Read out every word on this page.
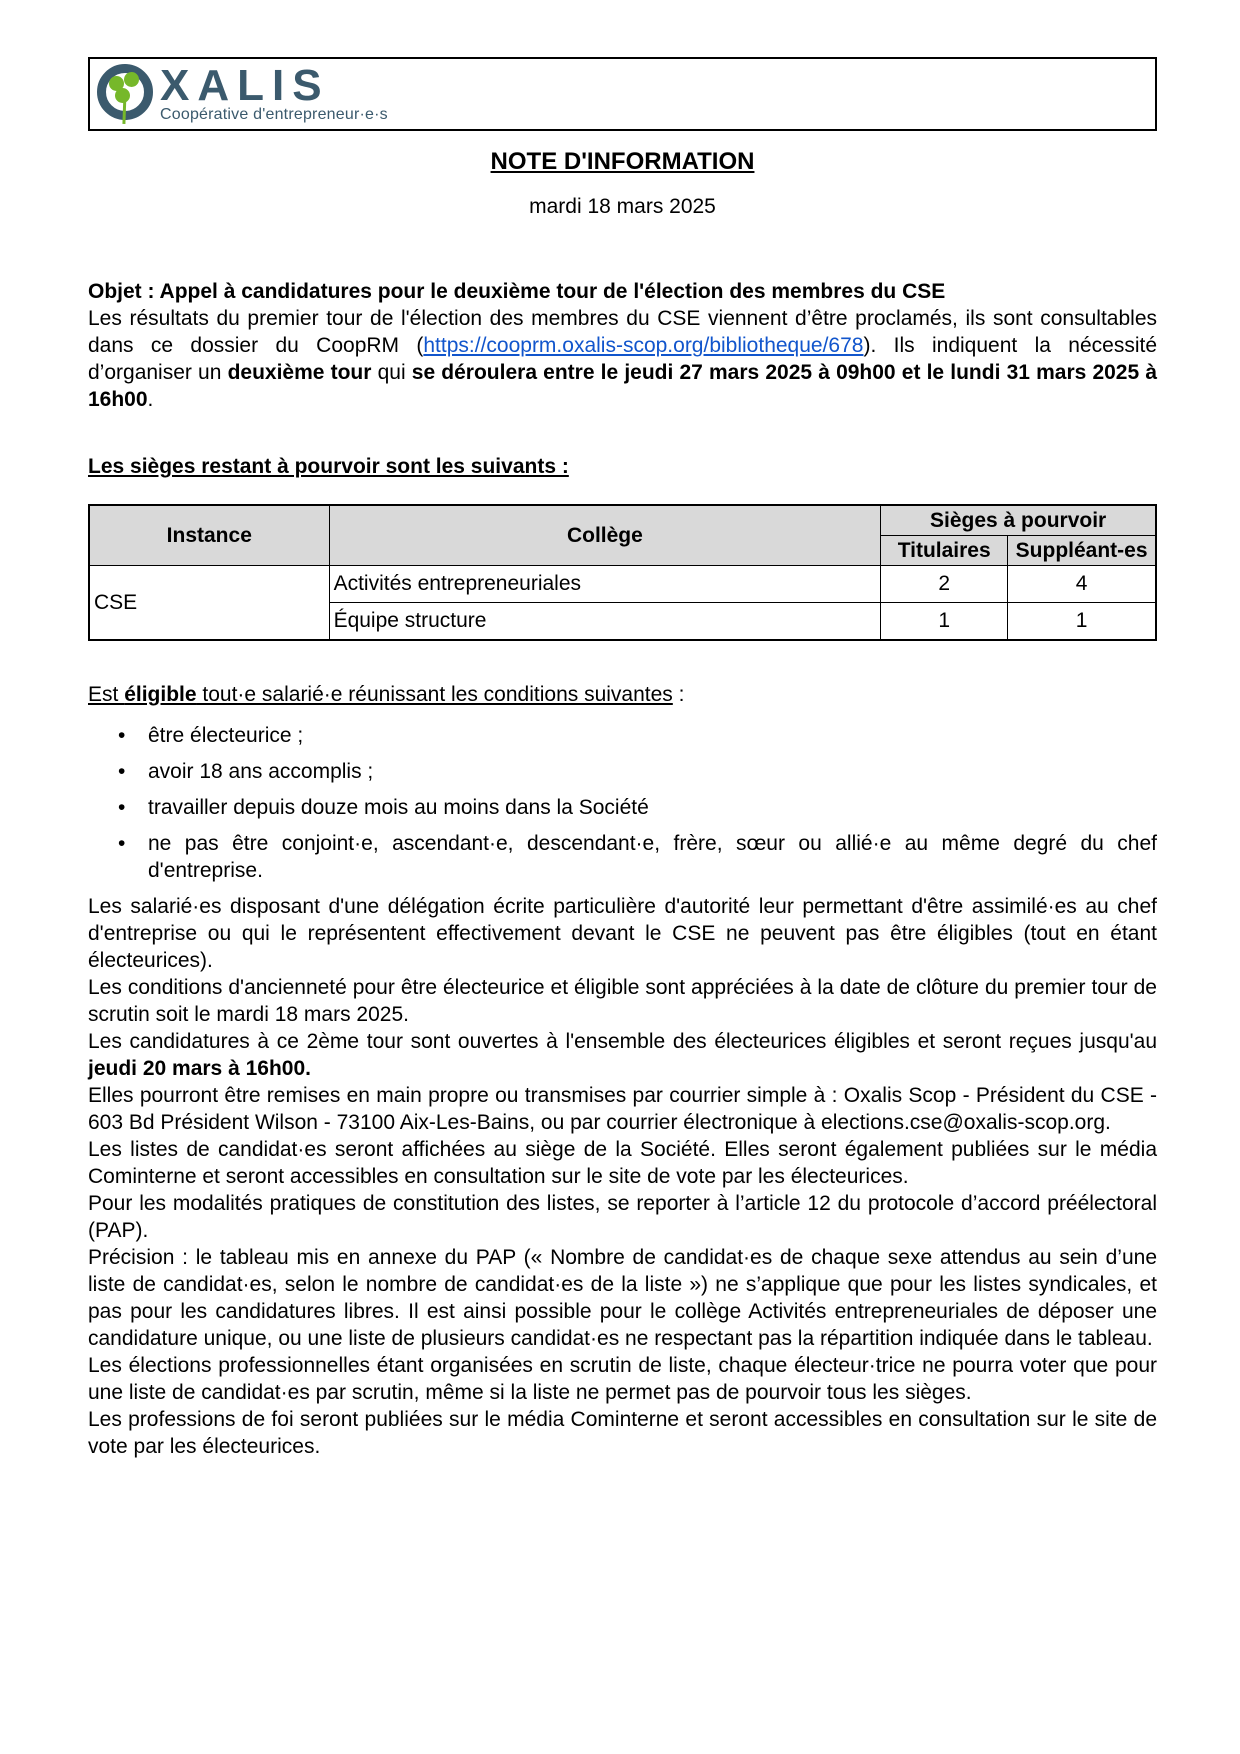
XALIS
Coopérative d'entrepreneur·e·s
NOTE D'INFORMATION
mardi 18 mars 2025

Objet : Appel à candidatures pour le deuxième tour de l'élection des membres du CSE

Les résultats du premier tour de l'élection des membres du CSE viennent d’être proclamés, ils sont consultables dans ce dossier du CoopRM (https://cooprm.oxalis-scop.org/bibliotheque/678). Ils indiquent la nécessité d’organiser un deuxième tour qui se déroulera entre le jeudi 27 mars 2025 à 09h00 et le lundi 31 mars 2025 à 16h00.

Les sièges restant à pourvoir sont les suivants :

Instance	Collège	Sièges à pourvoir	
		Titulaires	Suppléant-es
CSE	Activités entrepreneuriales	2	4
	Équipe structure	1	1

Est éligible tout·e salarié·e réunissant les conditions suivantes :

• être électeurice ;
• avoir 18 ans accomplis ;
• travailler depuis douze mois au moins dans la Société
• ne pas être conjoint·e, ascendant·e, descendant·e, frère, sœur ou allié·e au même degré du chef d'entreprise.

Les salarié·es disposant d'une délégation écrite particulière d'autorité leur permettant d'être assimilé·es au chef d'entreprise ou qui le représentent effectivement devant le CSE ne peuvent pas être éligibles (tout en étant électeurices).

Les conditions d'ancienneté pour être électeurice et éligible sont appréciées à la date de clôture du premier tour de scrutin soit le mardi 18 mars 2025.

Les candidatures à ce 2ème tour sont ouvertes à l'ensemble des électeurices éligibles et seront reçues jusqu'au jeudi 20 mars à 16h00.

Elles pourront être remises en main propre ou transmises par courrier simple à : Oxalis Scop - Président du CSE - 603 Bd Président Wilson - 73100 Aix-Les-Bains, ou par courrier électronique à elections.cse@oxalis-scop.org.

Les listes de candidat·es seront affichées au siège de la Société. Elles seront également publiées sur le média Cominterne et seront accessibles en consultation sur le site de vote par les électeurices.

Pour les modalités pratiques de constitution des listes, se reporter à l’article 12 du protocole d’accord préélectoral (PAP).

Précision : le tableau mis en annexe du PAP (« Nombre de candidat·es de chaque sexe attendus au sein d’une liste de candidat·es, selon le nombre de candidat·es de la liste ») ne s’applique que pour les listes syndicales, et pas pour les candidatures libres. Il est ainsi possible pour le collège Activités entrepreneuriales de déposer une candidature unique, ou une liste de plusieurs candidat·es ne respectant pas la répartition indiquée dans le tableau.

Les élections professionnelles étant organisées en scrutin de liste, chaque électeur·trice ne pourra voter que pour une liste de candidat·es par scrutin, même si la liste ne permet pas de pourvoir tous les sièges.

Les professions de foi seront publiées sur le média Cominterne et seront accessibles en consultation sur le site de vote par les électeurices.
